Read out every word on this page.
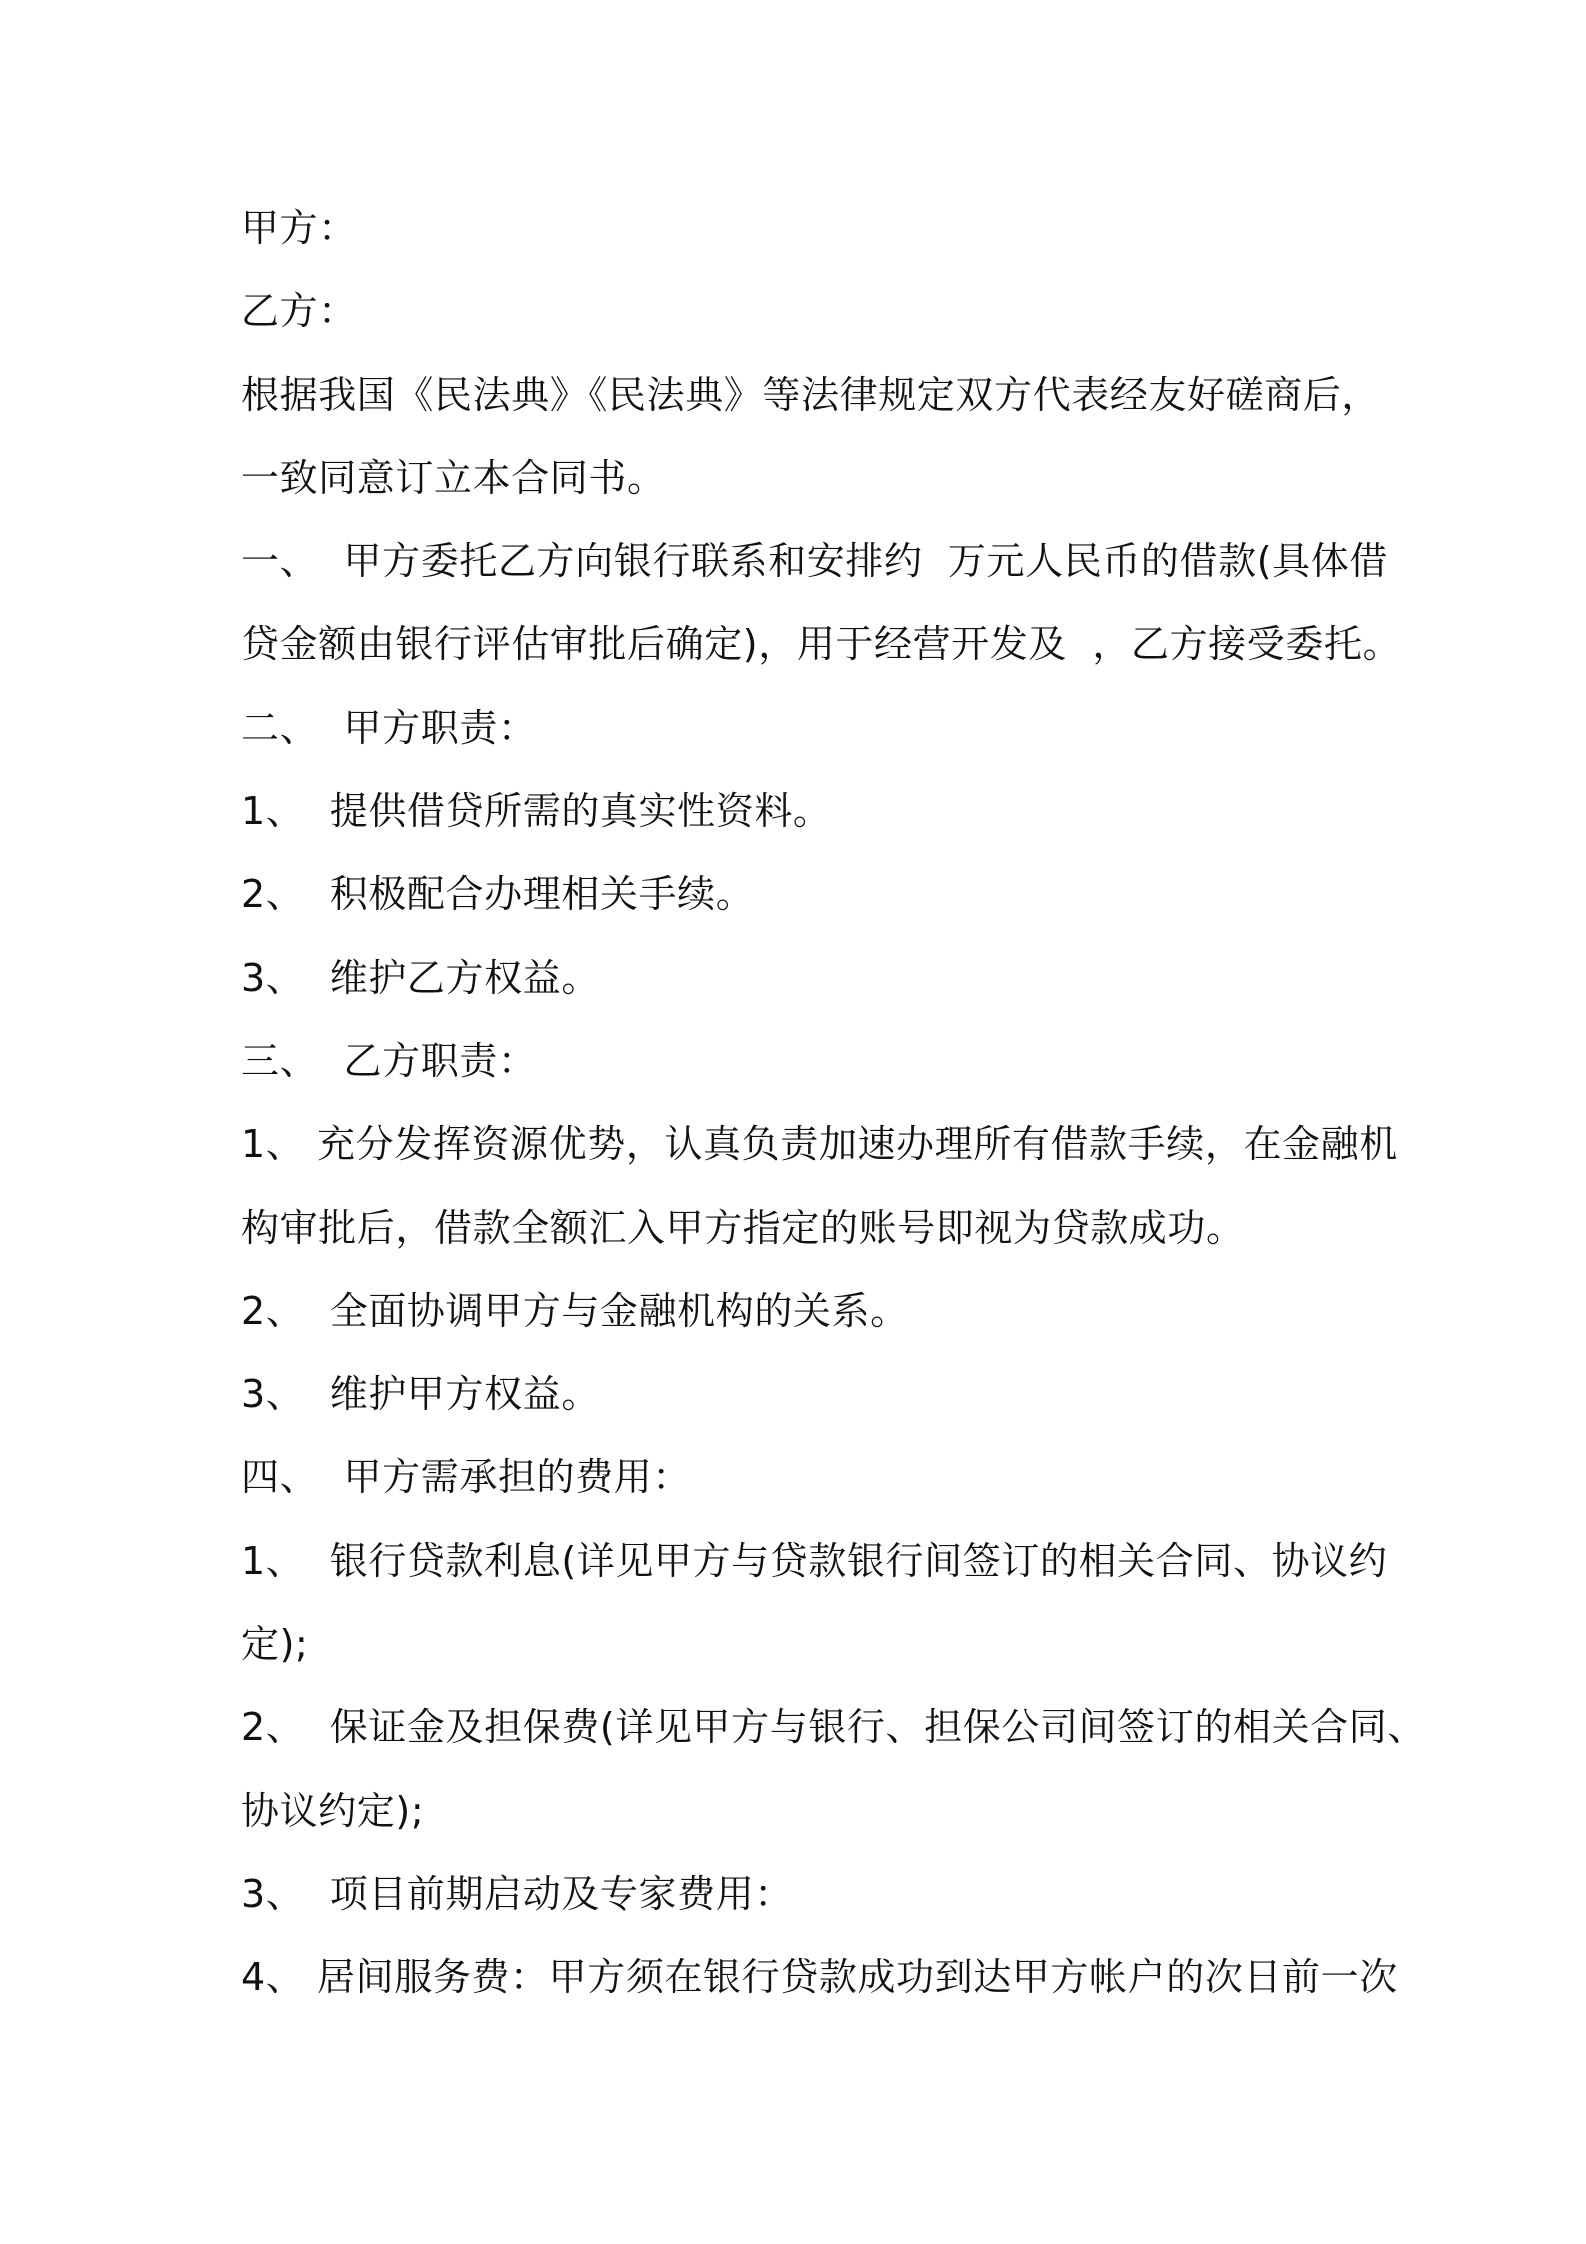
甲方：
乙方：
根据我国《民法典》《民法典》等法律规定双方代表经友好磋商后，
一致同意订立本合同书。
一、  甲方委托乙方向银行联系和安排约  万元人民币的借款(具体借
贷金额由银行评估审批后确定)，用于经营开发及  ，乙方接受委托。
二、  甲方职责：
1、  提供借贷所需的真实性资料。
2、  积极配合办理相关手续。
3、  维护乙方权益。
三、  乙方职责：
1、 充分发挥资源优势，认真负责加速办理所有借款手续，在金融机
构审批后，借款全额汇入甲方指定的账号即视为贷款成功。
2、  全面协调甲方与金融机构的关系。
3、  维护甲方权益。
四、  甲方需承担的费用：
1、  银行贷款利息(详见甲方与贷款银行间签订的相关合同、协议约
定);
2、  保证金及担保费(详见甲方与银行、担保公司间签订的相关合同、
协议约定);
3、  项目前期启动及专家费用：
4、 居间服务费：甲方须在银行贷款成功到达甲方帐户的次日前一次
